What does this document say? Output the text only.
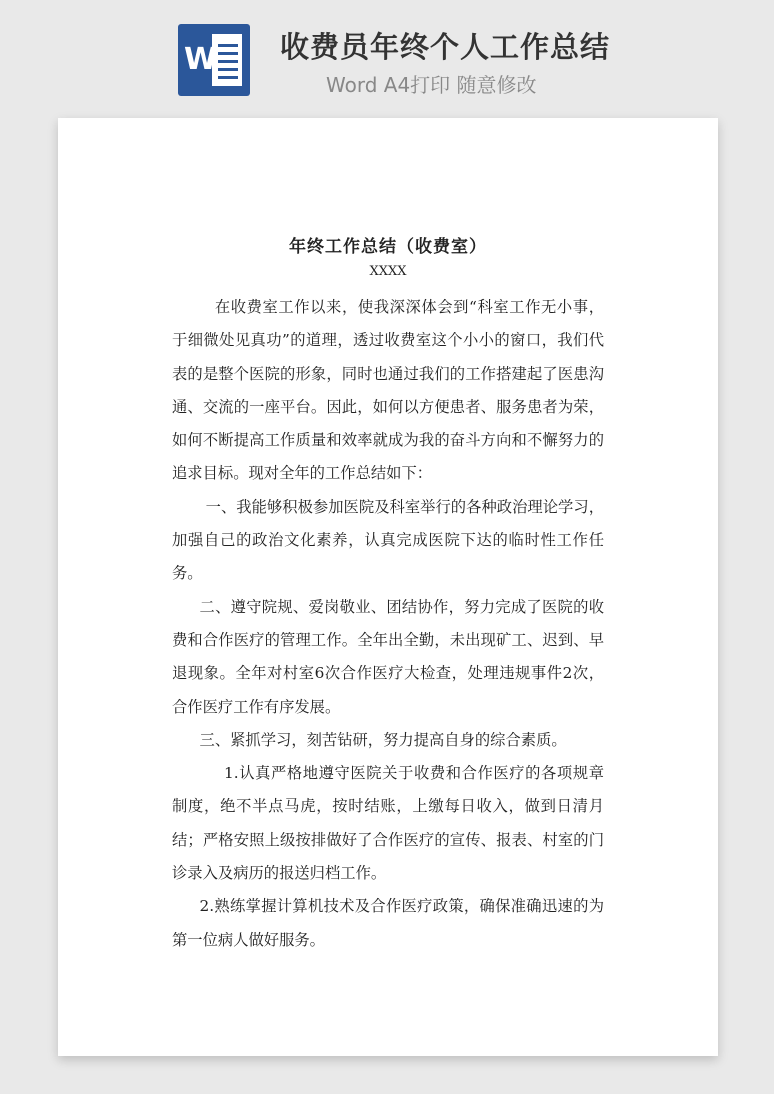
W 收费员年终个人工作总结
Word A4打印 随意修改
年终工作总结（收费室）
XXXX

在收费室工作以来，使我深深体会到“科室工作无小事，于细微处见真功”的道理，透过收费室这个小小的窗口，我们代表的是整个医院的形象，同时也通过我们的工作搭建起了医患沟通、交流的一座平台。因此，如何以方便患者、服务患者为荣，如何不断提高工作质量和效率就成为我的奋斗方向和不懈努力的追求目标。现对全年的工作总结如下：

一、我能够积极参加医院及科室举行的各种政治理论学习，加强自己的政治文化素养，认真完成医院下达的临时性工作任务。

二、遵守院规、爱岗敬业、团结协作，努力完成了医院的收费和合作医疗的管理工作。全年出全勤，未出现矿工、迟到、早退现象。全年对村室6次合作医疗大检查，处理违规事件2次，合作医疗工作有序发展。

三、紧抓学习，刻苦钻研，努力提高自身的综合素质。

1.认真严格地遵守医院关于收费和合作医疗的各项规章制度，绝不半点马虎，按时结账，上缴每日收入，做到日清月结；严格安照上级按排做好了合作医疗的宣传、报表、村室的门诊录入及病历的报送归档工作。

2.熟练掌握计算机技术及合作医疗政策，确保准确迅速的为第一位病人做好服务。
